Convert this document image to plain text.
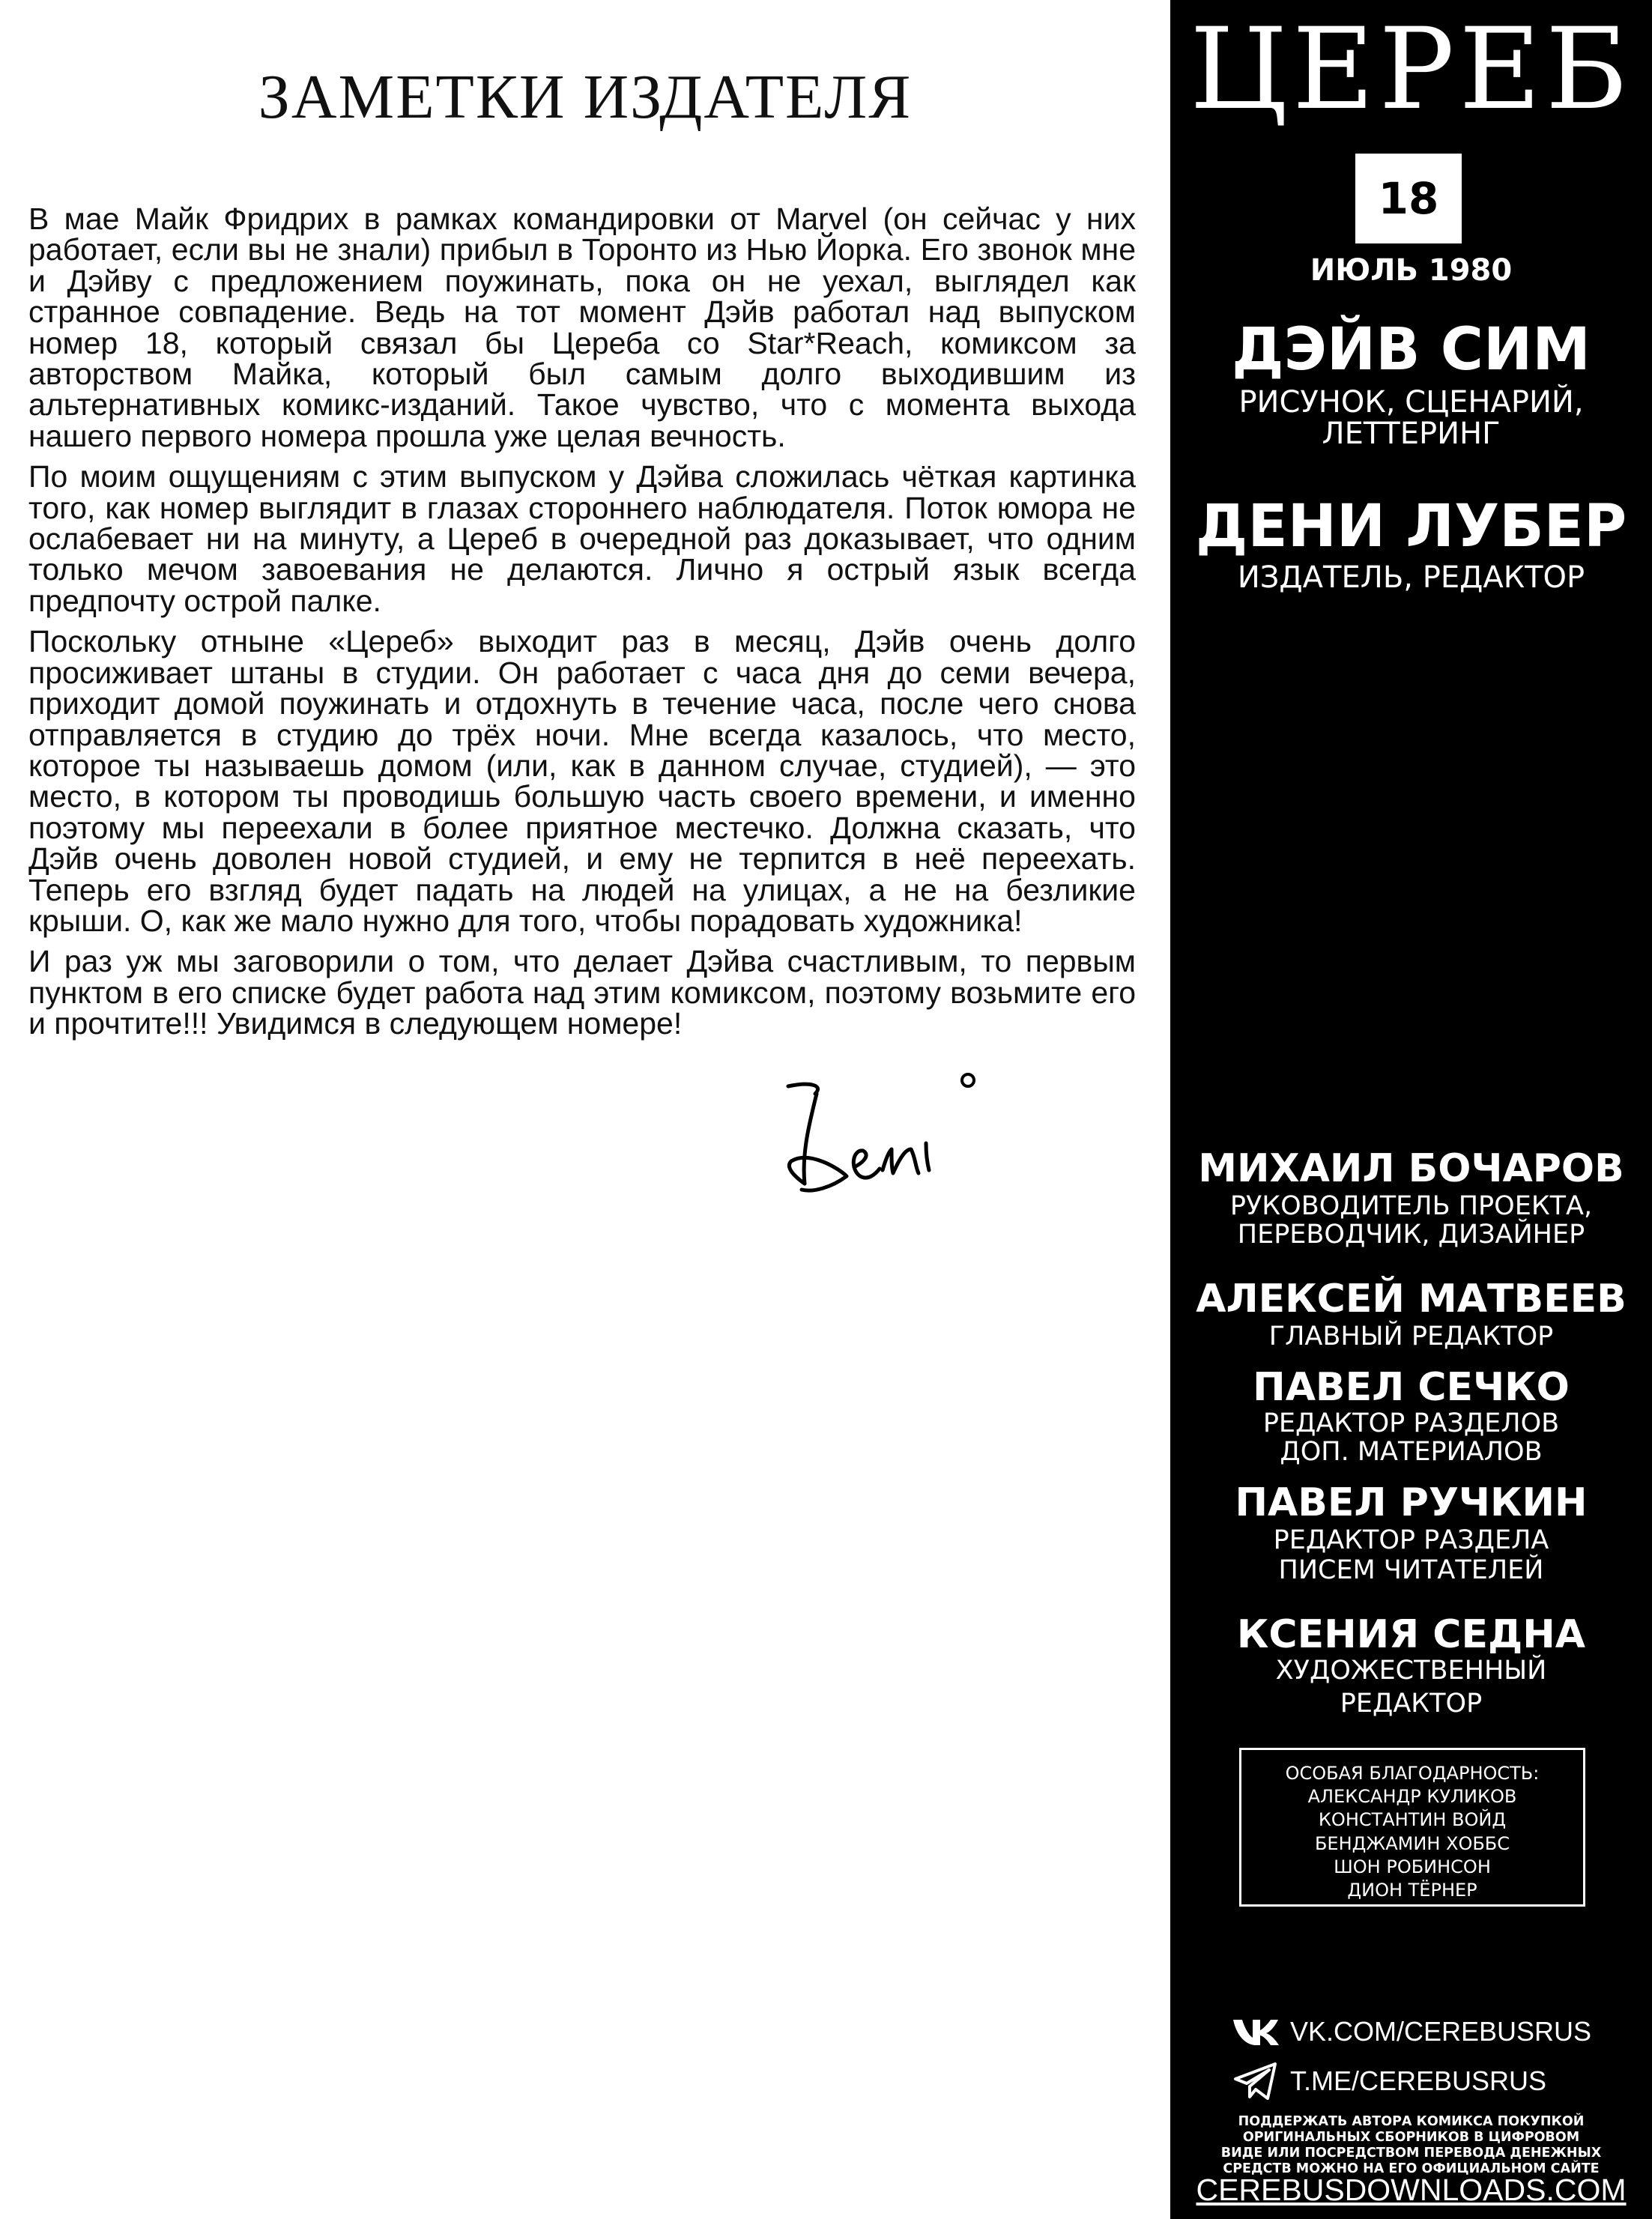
ЗАМЕТКИ ИЗДАТЕЛЯ

В мае Майк Фридрих в рамках командировки от Marvel (он сейчас у них работает, если вы не знали) прибыл в Торонто из Нью Йорка. Его звонок мне и Дэйву с предложением поужинать, пока он не уехал, выглядел как странное совпадение. Ведь на тот момент Дэйв работал над выпуском номер 18, который связал бы Цереба со Star*Reach, комиксом за авторством Майка, который был самым долго выходившим из альтернативных комикс-изданий. Такое чувство, что с момента выхода нашего первого номера прошла уже целая вечность.

По моим ощущениям с этим выпуском у Дэйва сложилась чёткая картинка того, как номер выглядит в глазах стороннего наблюдателя. Поток юмора не ослабевает ни на минуту, а Цереб в очередной раз доказывает, что одним только мечом завоевания не делаются. Лично я острый язык всегда предпочту острой палке.

Поскольку отныне «Цереб» выходит раз в месяц, Дэйв очень долго просиживает штаны в студии. Он работает с часа дня до семи вечера, приходит домой поужинать и отдохнуть в течение часа, после чего снова отправляется в студию до трёх ночи. Мне всегда казалось, что место, которое ты называешь домом (или, как в данном случае, студией), — это место, в котором ты проводишь большую часть своего времени, и именно поэтому мы переехали в более приятное местечко. Должна сказать, что Дэйв очень доволен новой студией, и ему не терпится в неё переехать. Теперь его взгляд будет падать на людей на улицах, а не на безликие крыши. О, как же мало нужно для того, чтобы порадовать художника!

И раз уж мы заговорили о том, что делает Дэйва счастливым, то первым пунктом в его списке будет работа над этим комиксом, поэтому возьмите его и прочтите!!! Увидимся в следующем номере!

ЦЕРЕБ
18
ИЮЛЬ 1980
ДЭЙВ СИМ
РИСУНОК, СЦЕНАРИЙ,
ЛЕТТЕРИНГ
ДЕНИ ЛУБЕР
ИЗДАТЕЛЬ, РЕДАКТОР
МИХАИЛ БОЧАРОВ
РУКОВОДИТЕЛЬ ПРОЕКТА,
ПЕРЕВОДЧИК, ДИЗАЙНЕР
АЛЕКСЕЙ МАТВЕЕВ
ГЛАВНЫЙ РЕДАКТОР
ПАВЕЛ СЕЧКО
РЕДАКТОР РАЗДЕЛОВ
ДОП. МАТЕРИАЛОВ
ПАВЕЛ РУЧКИН
РЕДАКТОР РАЗДЕЛА
ПИСЕМ ЧИТАТЕЛЕЙ
КСЕНИЯ СЕДНА
ХУДОЖЕСТВЕННЫЙ
РЕДАКТОР
ОСОБАЯ БЛАГОДАРНОСТЬ:
АЛЕКСАНДР КУЛИКОВ
КОНСТАНТИН ВОЙД
БЕНДЖАМИН ХОББС
ШОН РОБИНСОН
ДИОН ТЁРНЕР
VK.COM/CEREBUSRUS
T.ME/CEREBUSRUS
ПОДДЕРЖАТЬ АВТОРА КОМИКСА ПОКУПКОЙ
ОРИГИНАЛЬНЫХ СБОРНИКОВ В ЦИФРОВОМ
ВИДЕ ИЛИ ПОСРЕДСТВОМ ПЕРЕВОДА ДЕНЕЖНЫХ
СРЕДСТВ МОЖНО НА ЕГО ОФИЦИАЛЬНОМ САЙТЕ
CEREBUSDOWNLOADS.COM
